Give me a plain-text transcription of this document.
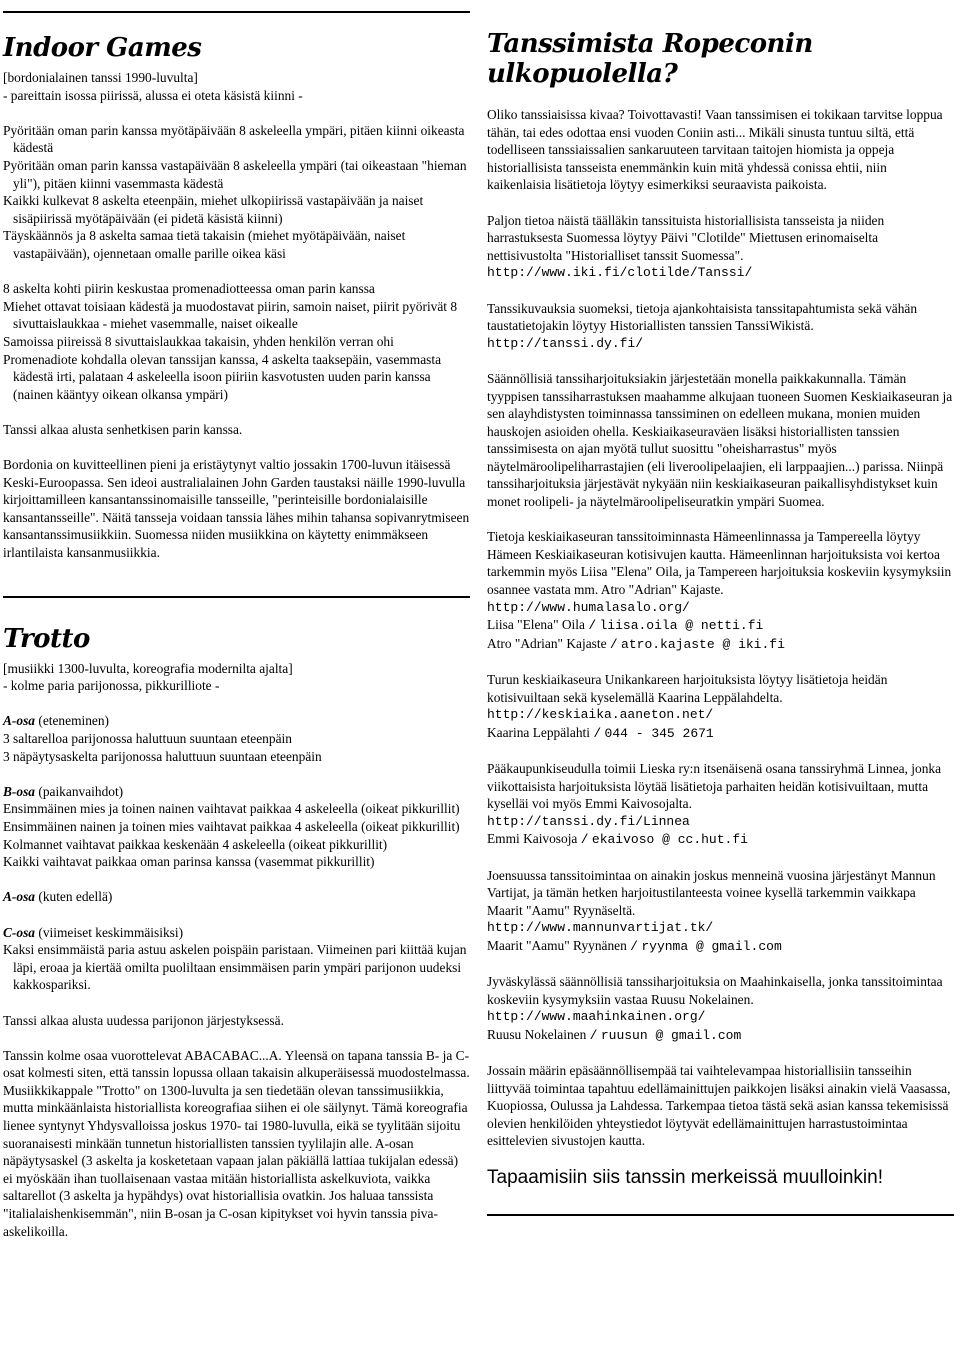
Indoor Games

[bordonialainen tanssi 1990-luvulta]

- pareittain isossa piirissä, alussa ei oteta käsistä kiinni -

Pyöritään oman parin kanssa myötäpäivään 8 askeleella ympäri, pitäen kiinni oikeasta kädestä

Pyöritään oman parin kanssa vastapäivään 8 askeleella ympäri (tai oikeastaan "hieman yli"), pitäen kiinni vasemmasta kädestä

Kaikki kulkevat 8 askelta eteenpäin, miehet ulkopiirissä vastapäivään ja naiset sisäpiirissä myötäpäivään (ei pidetä käsistä kiinni)

Täyskäännös ja 8 askelta samaa tietä takaisin (miehet myötäpäivään, naiset vastapäivään), ojennetaan omalle parille oikea käsi

8 askelta kohti piirin keskustaa promenadiotteessa oman parin kanssa

Miehet ottavat toisiaan kädestä ja muodostavat piirin, samoin naiset, piirit pyörivät 8 sivuttaislaukkaa - miehet vasemmalle, naiset oikealle

Samoissa piireissä 8 sivuttaislaukkaa takaisin, yhden henkilön verran ohi

Promenadiote kohdalla olevan tanssijan kanssa, 4 askelta taaksepäin, vasemmasta kädestä irti, palataan 4 askeleella isoon piiriin kasvotusten uuden parin kanssa (nainen kääntyy oikean olkansa ympäri)

Tanssi alkaa alusta senhetkisen parin kanssa.

Bordonia on kuvitteellinen pieni ja eristäytynyt valtio jossakin 1700-luvun itäisessä Keski-Euroopassa. Sen ideoi australialainen John Garden taustaksi näille 1990-luvulla kirjoittamilleen kansantanssinomaisille tansseille, "perinteisille bordonialaisille kansantansseille". Näitä tansseja voidaan tanssia lähes mihin tahansa sopivanrytmiseen kansantanssimusiikkiin. Suomessa niiden musiikkina on käytetty enimmäkseen irlantilaista kansanmusiikkia.

Trotto

[musiikki 1300-luvulta, koreografia modernilta ajalta]

- kolme paria parijonossa, pikkurilliote -

A-osa (eteneminen)

3 saltarelloa parijonossa haluttuun suuntaan eteenpäin

3 näpäytysaskelta parijonossa haluttuun suuntaan eteenpäin

B-osa (paikanvaihdot)

Ensimmäinen mies ja toinen nainen vaihtavat paikkaa 4 askeleella (oikeat pikkurillit)

Ensimmäinen nainen ja toinen mies vaihtavat paikkaa 4 askeleella (oikeat pikkurillit)

Kolmannet vaihtavat paikkaa keskenään 4 askeleella (oikeat pikkurillit)

Kaikki vaihtavat paikkaa oman parinsa kanssa (vasemmat pikkurillit)

A-osa (kuten edellä)

C-osa (viimeiset keskimmäisiksi)

Kaksi ensimmäistä paria astuu askelen poispäin paristaan. Viimeinen pari kiittää kujan läpi, eroaa ja kiertää omilta puoliltaan ensimmäisen parin ympäri parijonon uudeksi kakkospariksi.

Tanssi alkaa alusta uudessa parijonon järjestyksessä.

Tanssin kolme osaa vuorottelevat ABACABAC...A. Yleensä on tapana tanssia B- ja C-osat kolmesti siten, että tanssin lopussa ollaan takaisin alkuperäisessä muodostelmassa. Musiikkikappale "Trotto" on 1300-luvulta ja sen tiedetään olevan tanssimusiikkia, mutta minkäänlaista historiallista koreografiaa siihen ei ole säilynyt. Tämä koreografia lienee syntynyt Yhdysvalloissa joskus 1970- tai 1980-luvulla, eikä se tyylitään sijoitu suoranaisesti minkään tunnetun historiallisten tanssien tyylilajin alle. A-osan näpäytysaskel (3 askelta ja kosketetaan vapaan jalan päkiällä lattiaa tukijalan edessä) ei myöskään ihan tuollaisenaan vastaa mitään historiallista askelkuviota, vaikka saltarellot (3 askelta ja hypähdys) ovat historiallisia ovatkin. Jos haluaa tanssista "italialaishenkisemmän", niin B-osan ja C-osan kipitykset voi hyvin tanssia piva-askelikoilla.

Tanssimista Ropeconin ulkopuolella?

Oliko tanssiaisissa kivaa? Toivottavasti! Vaan tanssimisen ei tokikaan tarvitse loppua tähän, tai edes odottaa ensi vuoden Coniin asti... Mikäli sinusta tuntuu siltä, että todelliseen tanssiaissalien sankaruuteen tarvitaan taitojen hiomista ja oppeja historiallisista tansseista enemmänkin kuin mitä yhdessä conissa ehtii, niin kaikenlaisia lisätietoja löytyy esimerkiksi seuraavista paikoista.

Paljon tietoa näistä täälläkin tanssituista historiallisista tansseista ja niiden harrastuksesta Suomessa löytyy Päivi "Clotilde" Miettusen erinomaiselta nettisivustolta "Historialliset tanssit Suomessa".

http://www.iki.fi/clotilde/Tanssi/

Tanssikuvauksia suomeksi, tietoja ajankohtaisista tanssitapahtumista sekä vähän taustatietojakin löytyy Historiallisten tanssien TanssiWikistä.

http://tanssi.dy.fi/

Säännöllisiä tanssiharjoituksiakin järjestetään monella paikkakunnalla. Tämän tyyppisen tanssiharrastuksen maahamme alkujaan tuoneen Suomen Keskiaikaseuran ja sen alayhdistysten toiminnassa tanssiminen on edelleen mukana, monien muiden hauskojen asioiden ohella. Keskiaikaseuraväen lisäksi historiallisten tanssien tanssimisesta on ajan myötä tullut suosittu "oheisharrastus" myös näytelmäroolipeliharrastajien (eli liveroolipelaajien, eli larppaajien...) parissa. Niinpä tanssiharjoituksia järjestävät nykyään niin keskiaikaseuran paikallisyhdistykset kuin monet roolipeli- ja näytelmäroolipeliseuratkin ympäri Suomea.

Tietoja keskiaikaseuran tanssitoiminnasta Hämeenlinnassa ja Tampereella löytyy Hämeen Keskiaikaseuran kotisivujen kautta. Hämeenlinnan harjoituksista voi kertoa tarkemmin myös Liisa "Elena" Oila, ja Tampereen harjoituksia koskeviin kysymyksiin osannee vastata mm. Atro "Adrian" Kajaste.

http://www.humalasalo.org/

Liisa "Elena" Oila / liisa.oila @ netti.fi

Atro "Adrian" Kajaste / atro.kajaste @ iki.fi

Turun keskiaikaseura Unikankareen harjoituksista löytyy lisätietoja heidän kotisivuiltaan sekä kyselemällä Kaarina Leppälahdelta.

http://keskiaika.aaneton.net/

Kaarina Leppälahti / 044 - 345 2671

Pääkaupunkiseudulla toimii Lieska ry:n itsenäisenä osana tanssiryhmä Linnea, jonka viikottaisista harjoituksista löytää lisätietoja parhaiten heidän kotisivuiltaan, mutta kyselläi voi myös Emmi Kaivosojalta.

http://tanssi.dy.fi/Linnea

Emmi Kaivosoja / ekaivoso @ cc.hut.fi

Joensuussa tanssitoimintaa on ainakin joskus menneinä vuosina järjestänyt Mannun Vartijat, ja tämän hetken harjoitustilanteesta voinee kysellä tarkemmin vaikkapa Maarit "Aamu" Ryynäseltä.

http://www.mannunvartijat.tk/

Maarit "Aamu" Ryynänen / ryynma @ gmail.com

Jyväskylässä säännöllisiä tanssiharjoituksia on Maahinkaisella, jonka tanssitoimintaa koskeviin kysymyksiin vastaa Ruusu Nokelainen.

http://www.maahinkainen.org/

Ruusu Nokelainen / ruusun @ gmail.com

Jossain määrin epäsäännöllisempää tai vaihtelevampaa historiallisiin tansseihin liittyvää toimintaa tapahtuu edellämainittujen paikkojen lisäksi ainakin vielä Vaasassa, Kuopiossa, Oulussa ja Lahdessa. Tarkempaa tietoa tästä sekä asian kanssa tekemisissä olevien henkilöiden yhteystiedot löytyvät edellämainittujen harrastustoimintaa esittelevien sivustojen kautta.

Tapaamisiin siis tanssin merkeissä muulloinkin!
